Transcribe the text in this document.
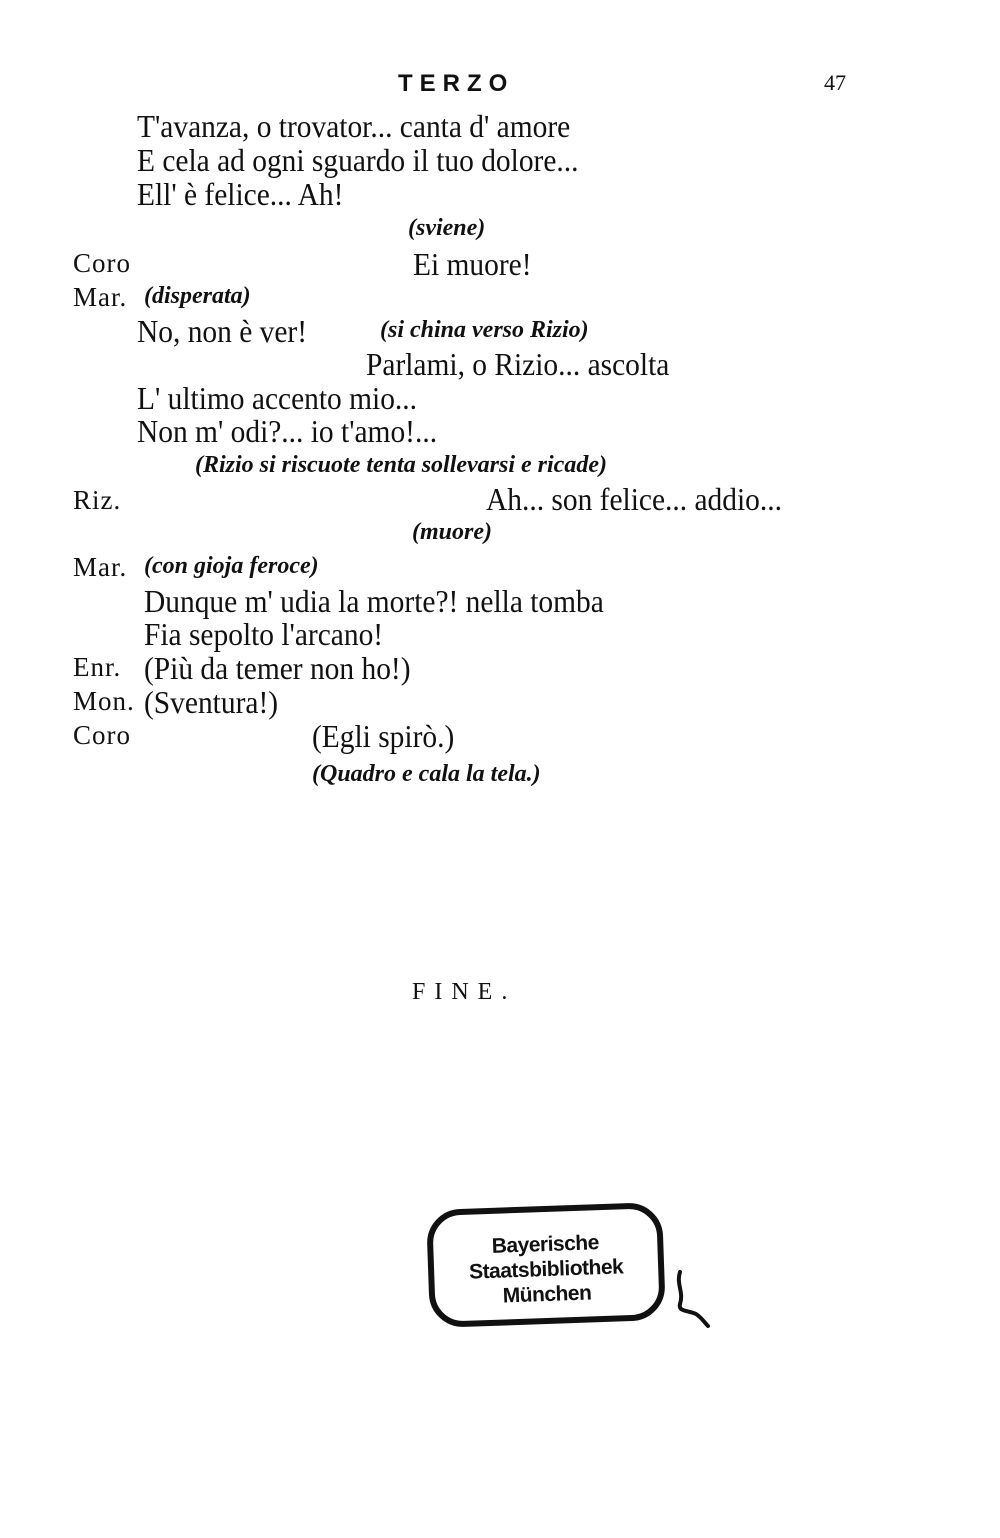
TERZO	47
T'avanza, o trovator... canta d' amore
E cela ad ogni sguardo il tuo dolore...
Ell' è felice... Ah!
(sviene)
Coro	Ei muore!
Mar. (disperata)
No, non è ver!	(si china verso Rizio)
Parlami, o Rizio... ascolta
L' ultimo accento mio...
Non m' odi?... io t'amo!...
(Rizio si riscuote tenta sollevarsi e ricade)
Riz.	Ah... son felice... addio...
(muore)
Mar. (con gioja feroce)
Dunque m' udia la morte?! nella tomba
Fia sepolto l'arcano!
Enr. (Più da temer non ho!)
Mon. (Sventura!)
Coro	(Egli spirò.)
(Quadro e cala la tela.)
FINE.
Bayerische
Staatsbibliothek
München
